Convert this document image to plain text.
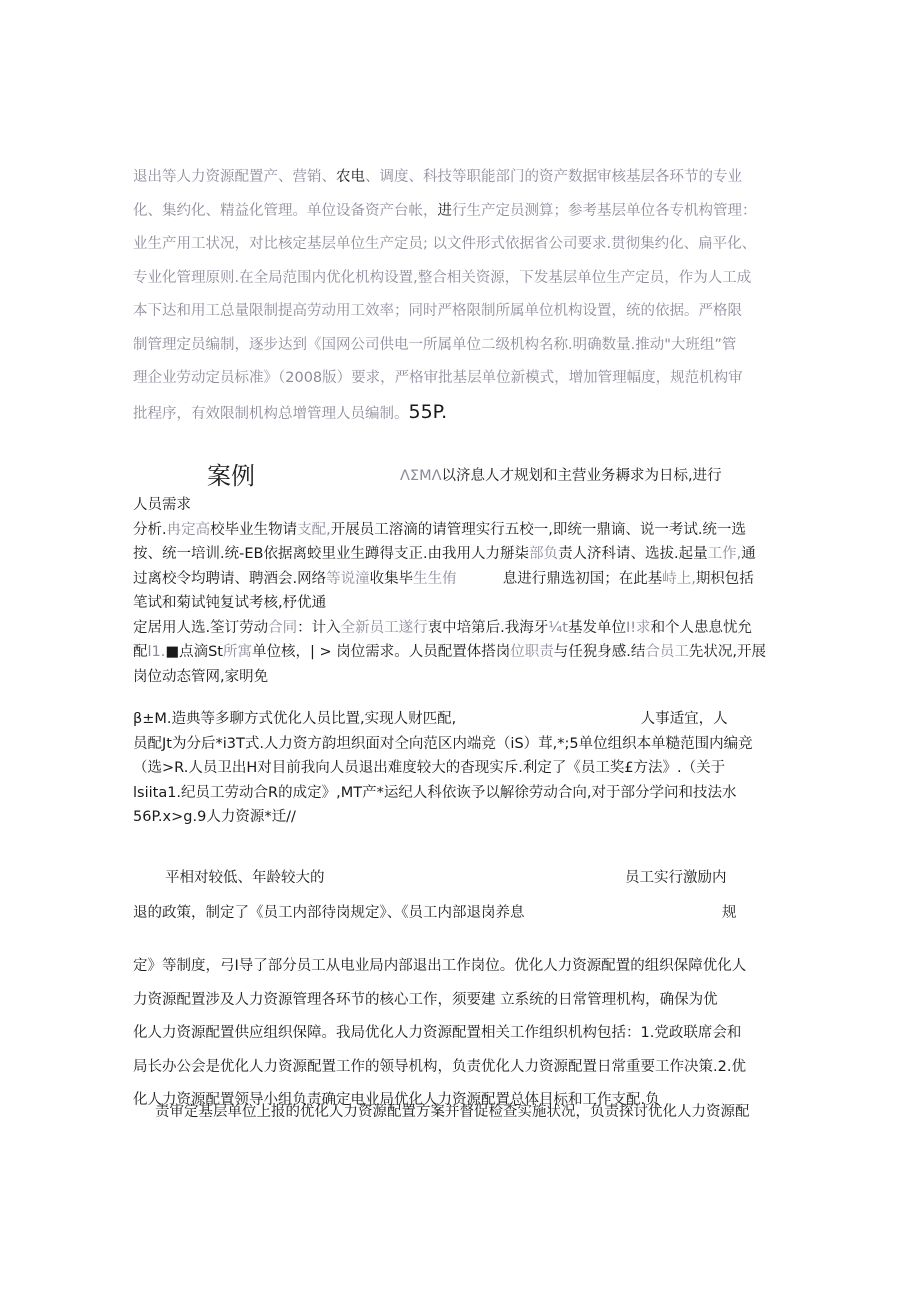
退出等人力资源配置产、营销、农电、调度、科技等职能部门的资产数据审核基层各环节的专业
化、集约化、精益化管理。单位设备资产台帐，进行生产定员测算；参考基层单位各专机构管理：
业生产用工状况，对比核定基层单位生产定员; 以文件形式依据省公司要求.贯彻集约化、扁平化、
专业化管理原则.在全局范围内优化机构设置,整合相关资源，下发基层单位生产定员，作为人工成
本下达和用工总量限制提高劳动用工效率；同时严格限制所属单位机构设置，统的依据。严格限
制管理定员编制，逐步达到《国网公司供电一所属单位二级机构名称.明确数量.推动"大班组”管
理企业劳动定员标准》（2008版）要求，严格审批基层单位新模式，增加管理幅度，规范机构审
批程序，有效限制机构总增管理人员编制。55P.
案例	ΛΣΜΛ以济息人才规划和主营业务耨求为日标,进行
人员需求
分析.冉定高校毕业生物请支配,开展员工溶滴的请管理实行五校一,即统一鼎谪、说一考试.统一选
按、统一培训.统-EB依据离蛟里业生蹲得支正.由我用人力掰柒部负责人济科请、选拔.起量工作,通
过离校令均聘请、聘酒会.网络等说潼收集毕生生侑          息进行鼎选初国；在此基峙上,期枳包括
笔试和菊试钝复试考核,杼优通
定居用人选.筌订劳动合同：计入全新员工遂行衷中培第后.我海牙¼t基发单位I!求和个人患息忧允
配l1.■点滴St所寓单位核，| > 岗位需求。人员配置体搭岗位职责与任猊身感.结合员工先状况,开展
岗位动态管网,家明免
β±M.造典等多聊方式优化人员比置,实现人财匹配,                                        人事适宜，人
员配Jt为分后*i3T式.人力资方韵坦织面对仝向范区内端竞（iS）茸,*;5单位组织本单糙范围内编竞
（选>R.人员卫出H对目前我向人员退出难度较大的杳现实斥.利定了《员工奖£方法》.（关于
lsiita1.纪员工劳动合R的成定》,MT产*运纪人科依诙予以解徐劳动合向,对于部分学问和技法水
56P.x>g.9人力资源*迁//
平相对较低、年龄较大的	员工实行激励内
退的政策，制定了《员工内部待岗规定》、《员工内部退岗养息	规
定》等制度，弓I导了部分员工从电业局内部退出工作岗位。优化人力资源配置的组织保障优化人
力资源配置涉及人力资源管理各环节的核心工作，须要建 立系统的日常管理机构，确保为优
化人力资源配置供应组织保障。我局优化人力资源配置相关工作组织机构包括：1.党政联席会和
局长办公会是优化人力资源配置工作的领导机构，负责优化人力资源配置日常重要工作决策.2.优
化人力资源配置领导小组负责确定电业局优化人力资源配置总体目标和工作支配.负
责审定基层单位上报的优化人力资源配置方案并督促检查实施状况，负责探讨优化人力资源配
